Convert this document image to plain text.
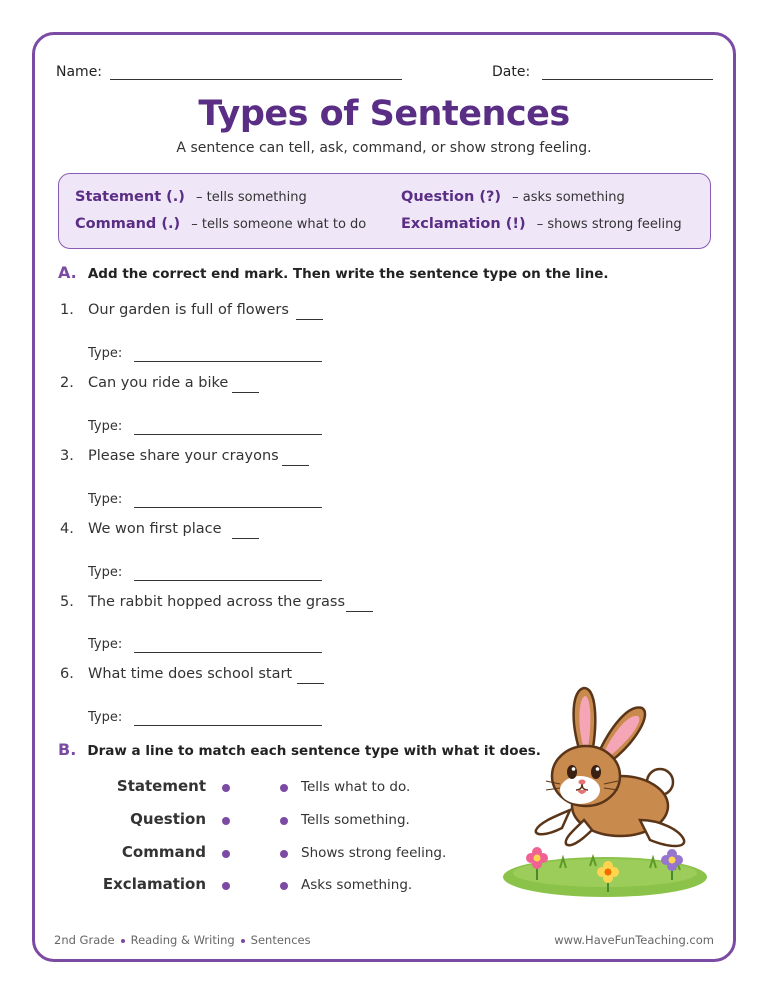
Name:	Date:
Types of Sentences
A sentence can tell, ask, command, or show strong feeling.
Statement (.) – tells something	Question (?) – asks something
Command (.) – tells someone what to do Exclamation (!) – shows strong feeling
A. Add the correct end mark. Then write the sentence type on the line.
1. Our garden is full of flowers
Type:
2. Can you ride a bike
Type:
3. Please share your crayons
Type:
4. We won first place
Type:
5. The rabbit hopped across the grass
Type:
6. What time does school start
Type:
B. Draw a line to match each sentence type with what it does.
Statement	Tells what to do.
Question	Tells something.
Command	Shows strong feeling.
Exclamation	Asks something.
2nd Grade Reading & Writing Sentences	www.HaveFunTeaching.com
